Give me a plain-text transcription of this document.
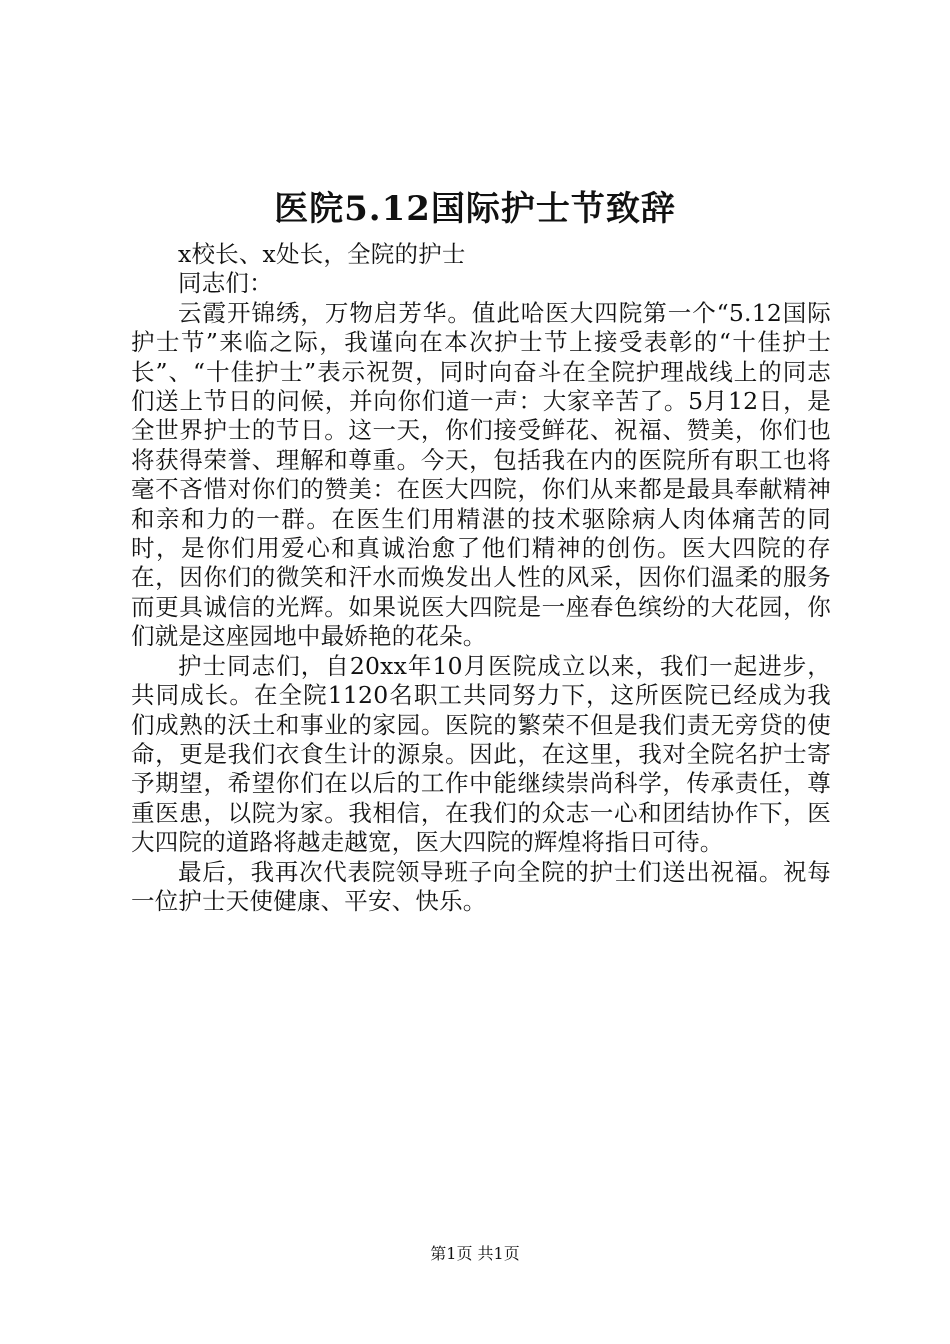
医院5.12国际护士节致辞

x校长、x处长，全院的护士

同志们：

云霞开锦绣，万物启芳华。值此哈医大四院第一个“5.12国际护士节”来临之际，我谨向在本次护士节上接受表彰的“十佳护士长”、“十佳护士”表示祝贺，同时向奋斗在全院护理战线上的同志们送上节日的问候，并向你们道一声：大家辛苦了。5月12日，是全世界护士的节日。这一天，你们接受鲜花、祝福、赞美，你们也将获得荣誉、理解和尊重。今天，包括我在内的医院所有职工也将毫不吝惜对你们的赞美：在医大四院，你们从来都是最具奉献精神和亲和力的一群。在医生们用精湛的技术驱除病人肉体痛苦的同时，是你们用爱心和真诚治愈了他们精神的创伤。医大四院的存在，因你们的微笑和汗水而焕发出人性的风采，因你们温柔的服务而更具诚信的光辉。如果说医大四院是一座春色缤纷的大花园，你们就是这座园地中最娇艳的花朵。

护士同志们，自20xx年10月医院成立以来，我们一起进步，共同成长。在全院1120名职工共同努力下，这所医院已经成为我们成熟的沃土和事业的家园。医院的繁荣不但是我们责无旁贷的使命，更是我们衣食生计的源泉。因此，在这里，我对全院名护士寄予期望，希望你们在以后的工作中能继续崇尚科学，传承责任，尊重医患，以院为家。我相信，在我们的众志一心和团结协作下，医大四院的道路将越走越宽，医大四院的辉煌将指日可待。

最后，我再次代表院领导班子向全院的护士们送出祝福。祝每一位护士天使健康、平安、快乐。

第1页 共1页
